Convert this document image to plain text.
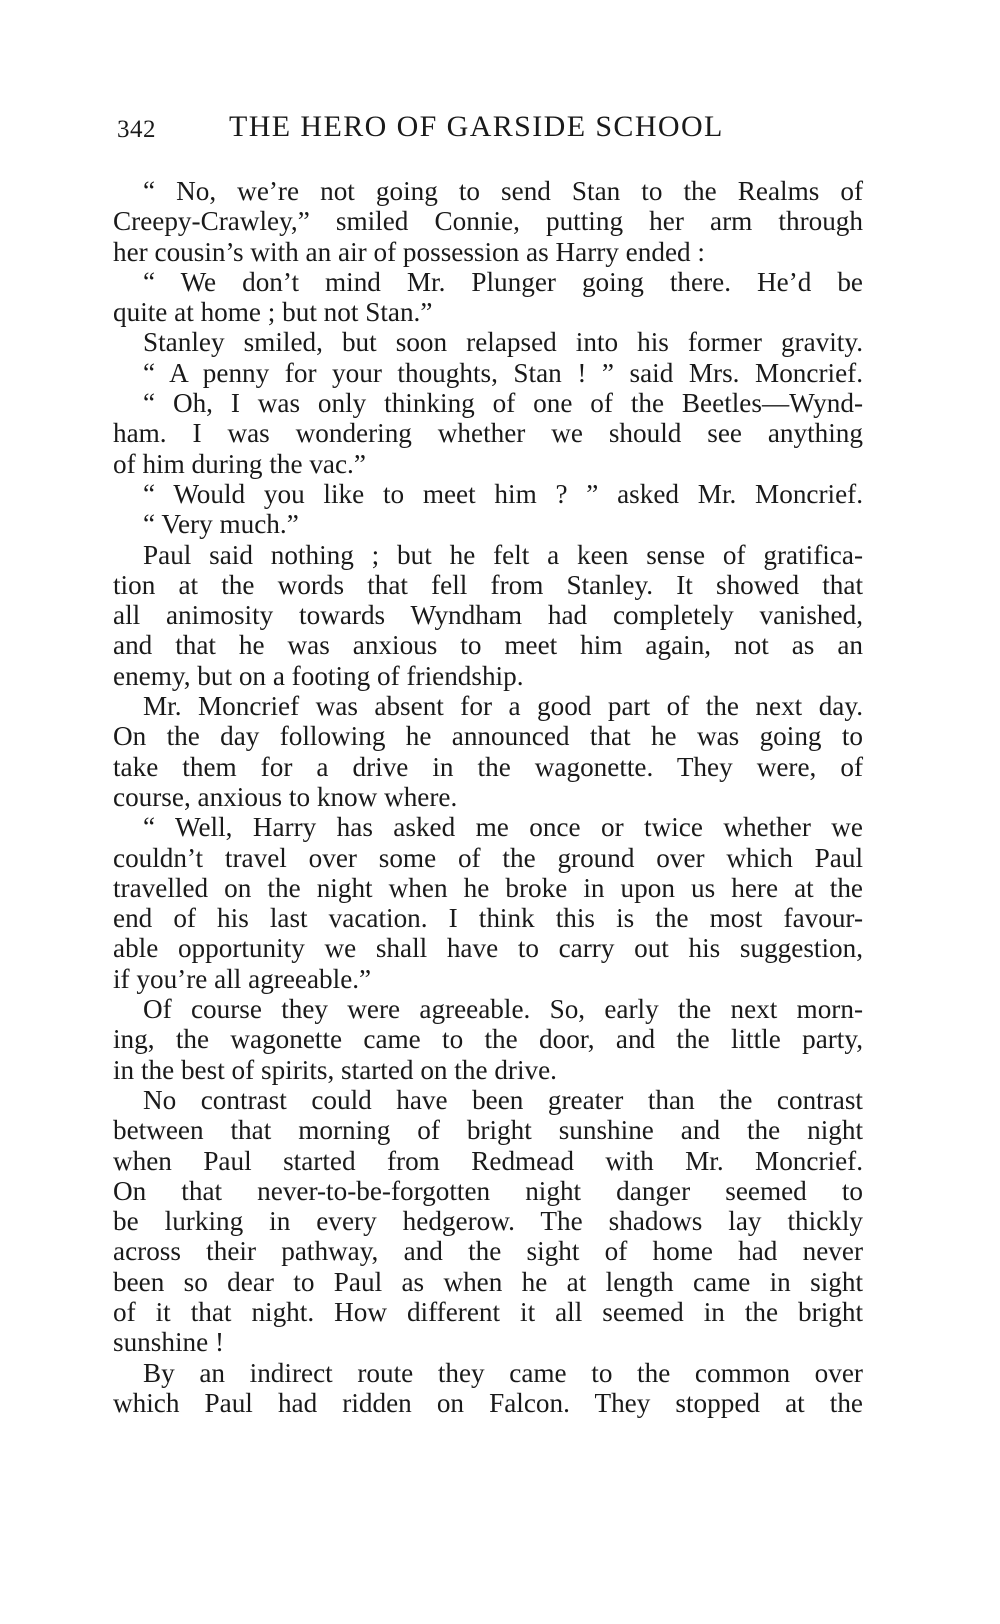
342 THE HERO OF GARSIDE SCHOOL
“ No, we’re not going to send Stan to the Realms of
Creepy-Crawley,” smiled Connie, putting her arm through
her cousin’s with an air of possession as Harry ended :
“ We don’t mind Mr. Plunger going there. He’d be
quite at home ; but not Stan.”
Stanley smiled, but soon relapsed into his former gravity.
“ A penny for your thoughts, Stan ! ” said Mrs. Moncrief.
“ Oh, I was only thinking of one of the Beetles—Wynd-
ham. I was wondering whether we should see anything
of him during the vac.”
“ Would you like to meet him ? ” asked Mr. Moncrief.
“ Very much.”
Paul said nothing ; but he felt a keen sense of gratifica-
tion at the words that fell from Stanley. It showed that
all animosity towards Wyndham had completely vanished,
and that he was anxious to meet him again, not as an
enemy, but on a footing of friendship.
Mr. Moncrief was absent for a good part of the next day.
On the day following he announced that he was going to
take them for a drive in the wagonette. They were, of
course, anxious to know where.
“ Well, Harry has asked me once or twice whether we
couldn’t travel over some of the ground over which Paul
travelled on the night when he broke in upon us here at the
end of his last vacation. I think this is the most favour-
able opportunity we shall have to carry out his suggestion,
if you’re all agreeable.”
Of course they were agreeable. So, early the next morn-
ing, the wagonette came to the door, and the little party,
in the best of spirits, started on the drive.
No contrast could have been greater than the contrast
between that morning of bright sunshine and the night
when Paul started from Redmead with Mr. Moncrief.
On that never-to-be-forgotten night danger seemed to
be lurking in every hedgerow. The shadows lay thickly
across their pathway, and the sight of home had never
been so dear to Paul as when he at length came in sight
of it that night. How different it all seemed in the bright
sunshine !
By an indirect route they came to the common over
which Paul had ridden on Falcon. They stopped at the
